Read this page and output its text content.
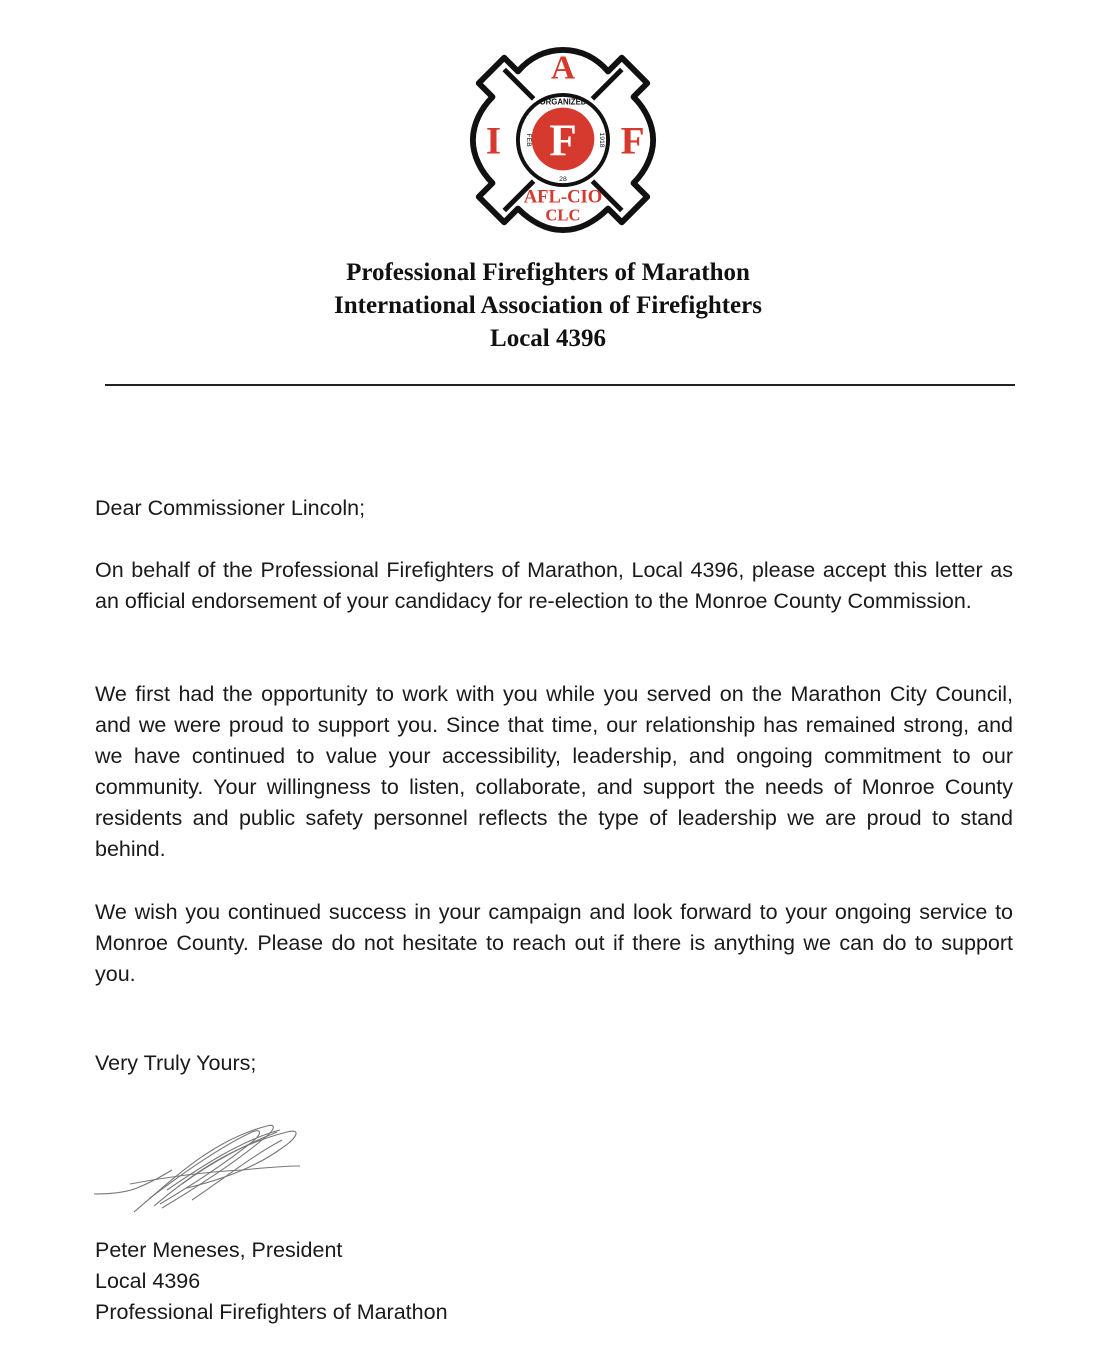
A
I	F
F
ORGANIZED
FEB	1918
28
AFL-CIO
CLC
Professional Firefighters of Marathon
International Association of Firefighters
Local 4396
Dear Commissioner Lincoln;

On behalf of the Professional Firefighters of Marathon, Local 4396, please accept this letter as an official endorsement of your candidacy for re-election to the Monroe County Commission.

We first had the opportunity to work with you while you served on the Marathon City Council, and we were proud to support you. Since that time, our relationship has remained strong, and we have continued to value your accessibility, leadership, and ongoing commitment to our community. Your willingness to listen, collaborate, and support the needs of Monroe County residents and public safety personnel reflects the type of leadership we are proud to stand behind.

We wish you continued success in your campaign and look forward to your ongoing service to Monroe County. Please do not hesitate to reach out if there is anything we can do to support you.

Very Truly Yours;
Peter Meneses, President
Local 4396
Professional Firefighters of Marathon
